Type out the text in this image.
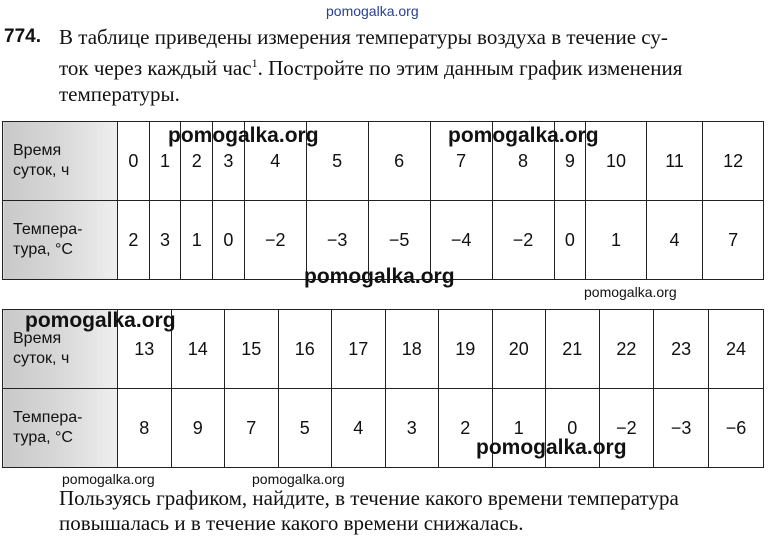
pomogalka.org
774. В таблице приведены измерения температуры воздуха в течение су-
ток через каждый час$^1$. Постройте по этим данным график изменения
температуры.
Время
суток, ч	0	1	2	3	4	5	6	7	8	9	10	11	12

Темпера-
тура, °С	2	3	1	0	−2	−3	−5	−4	−2	0	1	4	7
Время
суток, ч	13	14	15	16	17	18	19	20	21	22	23	24

Темпера-
тура, °С	8	9	7	5	4	3	2	1	0	−2	−3	−6
pomogalka.org	pomogalka.org
pomogalka.org
pomogalka.org
pomogalka.org
pomogalka.org
pomogalka.org	pomogalka.org
Пользуясь графиком, найдите, в течение какого времени температура
повышалась и в течение какого времени снижалась.
